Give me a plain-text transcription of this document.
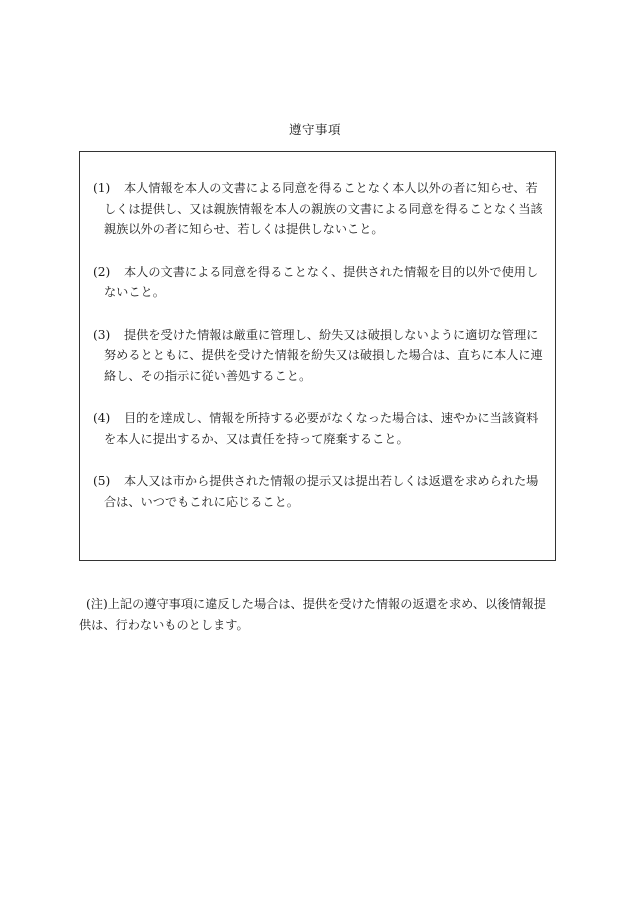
遵守事項
(1)	本人情報を本人の文書による同意を得ることなく本人以外の者に知らせ、若しくは提供し、又は親族情報を本人の親族の文書による同意を得ることなく当該親族以外の者に知らせ、若しくは提供しないこと。
(2)	本人の文書による同意を得ることなく、提供された情報を目的以外で使用しないこと。
(3)	提供を受けた情報は厳重に管理し、紛失又は破損しないように適切な管理に努めるとともに、提供を受けた情報を紛失又は破損した場合は、直ちに本人に連絡し、その指示に従い善処すること。
(4)	目的を達成し、情報を所持する必要がなくなった場合は、速やかに当該資料を本人に提出するか、又は責任を持って廃棄すること。
(5)	本人又は市から提供された情報の提示又は提出若しくは返還を求められた場合は、いつでもこれに応じること。

(注)上記の遵守事項に違反した場合は、提供を受けた情報の返還を求め、以後情報提供は、行わないものとします。
